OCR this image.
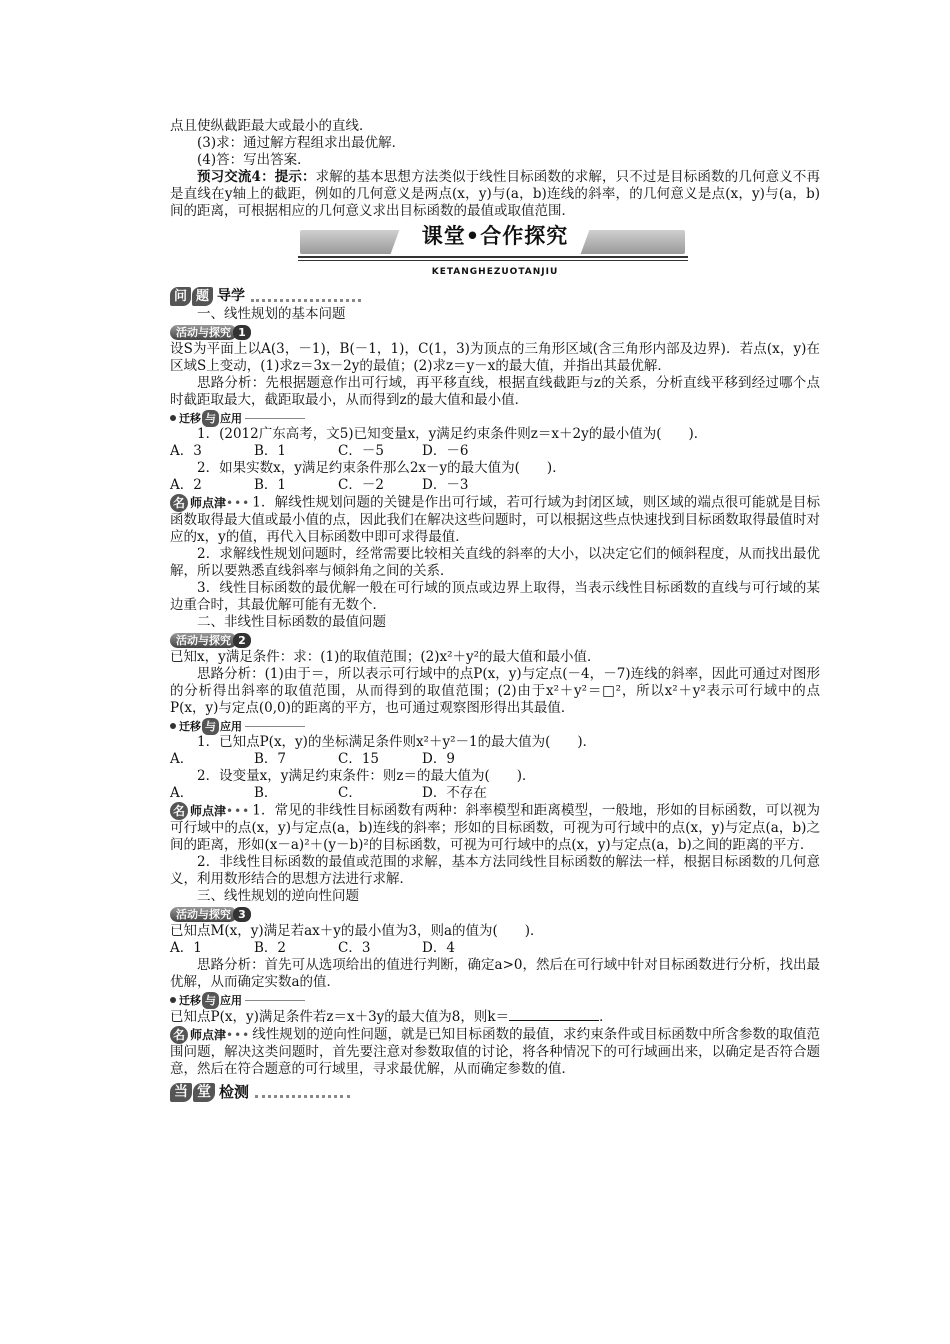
点且使纵截距最大或最小的直线．

(3)求：通过解方程组求出最优解．

(4)答：写出答案．

预习交流4：提示：求解的基本思想方法类似于线性目标函数的求解，只不过是目标函数的几何意义不再是直线在y轴上的截距，例如的几何意义是两点(x，y)与(a，b)连线的斜率，的几何意义是点(x，y)与(a，b)间的距离，可根据相应的几何意义求出目标函数的最值或取值范围．

课堂•合作探究
KETANGHEZUOTANJIU
问 题 导学

一、线性规划的基本问题

活动与探究 1

设S为平面上以A(3，－1)，B(－1，1)，C(1，3)为顶点的三角形区域(含三角形内部及边界)．若点(x，y)在区域S上变动，(1)求z＝3x－2y的最值；(2)求z＝y－x的最大值，并指出其最优解．

思路分析：先根据题意作出可行域，再平移直线，根据直线截距与z的关系，分析直线平移到经过哪个点时截距取最大，截距取最小，从而得到z的最大值和最小值．

迁移 与 应用

1．(2012广东高考，文5)已知变量x，y满足约束条件则z＝x＋2y的最小值为(　　)．

A．3	B．1	C．－5	D．－6

2．如果实数x，y满足约束条件那么2x－y的最大值为(　　)．

A．2	B．1	C．－2	D．－3

名 师点津 ••• 1．解线性规划问题的关键是作出可行域，若可行域为封闭区域，则区域的端点很可能就是目标函数取得最大值或最小值的点，因此我们在解决这些问题时，可以根据这些点快速找到目标函数取得最值时对应的x，y的值，再代入目标函数中即可求得最值．

2．求解线性规划问题时，经常需要比较相关直线的斜率的大小，以决定它们的倾斜程度，从而找出最优解，所以要熟悉直线斜率与倾斜角之间的关系．

3．线性目标函数的最优解一般在可行域的顶点或边界上取得，当表示线性目标函数的直线与可行域的某边重合时，其最优解可能有无数个．

二、非线性目标函数的最值问题

活动与探究 2

已知x，y满足条件：求：(1)的取值范围；(2)x²＋y²的最大值和最小值．

思路分析：(1)由于＝，所以表示可行域中的点P(x，y)与定点(－4，－7)连线的斜率，因此可通过对图形的分析得出斜率的取值范围，从而得到的取值范围；(2)由于x²＋y²＝□²，所以x²＋y²表示可行域中的点P(x，y)与定点(0,0)的距离的平方，也可通过观察图形得出其最值．

迁移 与 应用

1．已知点P(x，y)的坐标满足条件则x²＋y²－1的最大值为(　　)．

A．	B．7	C．15	D．9

2．设变量x，y满足约束条件：则z＝的最大值为(　　)．

A．	B．	C．	D．不存在

名 师点津 ••• 1．常见的非线性目标函数有两种：斜率模型和距离模型，一般地，形如的目标函数，可以视为可行域中的点(x，y)与定点(a，b)连线的斜率；形如的目标函数，可视为可行域中的点(x，y)与定点(a，b)之间的距离，形如(x－a)²＋(y－b)²的目标函数，可视为可行域中的点(x，y)与定点(a，b)之间的距离的平方．

2．非线性目标函数的最值或范围的求解，基本方法同线性目标函数的解法一样，根据目标函数的几何意义，利用数形结合的思想方法进行求解．

三、线性规划的逆向性问题

活动与探究 3

已知点M(x，y)满足若ax＋y的最小值为3，则a的值为(　　)．

A．1	B．2	C．3	D．4

思路分析：首先可从选项给出的值进行判断，确定a>0，然后在可行域中针对目标函数进行分析，找出最优解，从而确定实数a的值．

迁移 与 应用

已知点P(x，y)满足条件若z＝x＋3y的最大值为8，则k＝	．

名 师点津 ••• 线性规划的逆向性问题，就是已知目标函数的最值，求约束条件或目标函数中所含参数的取值范围问题，解决这类问题时，首先要注意对参数取值的讨论，将各种情况下的可行域画出来，以确定是否符合题意，然后在符合题意的可行域里，寻求最优解，从而确定参数的值．

当 堂 检测
